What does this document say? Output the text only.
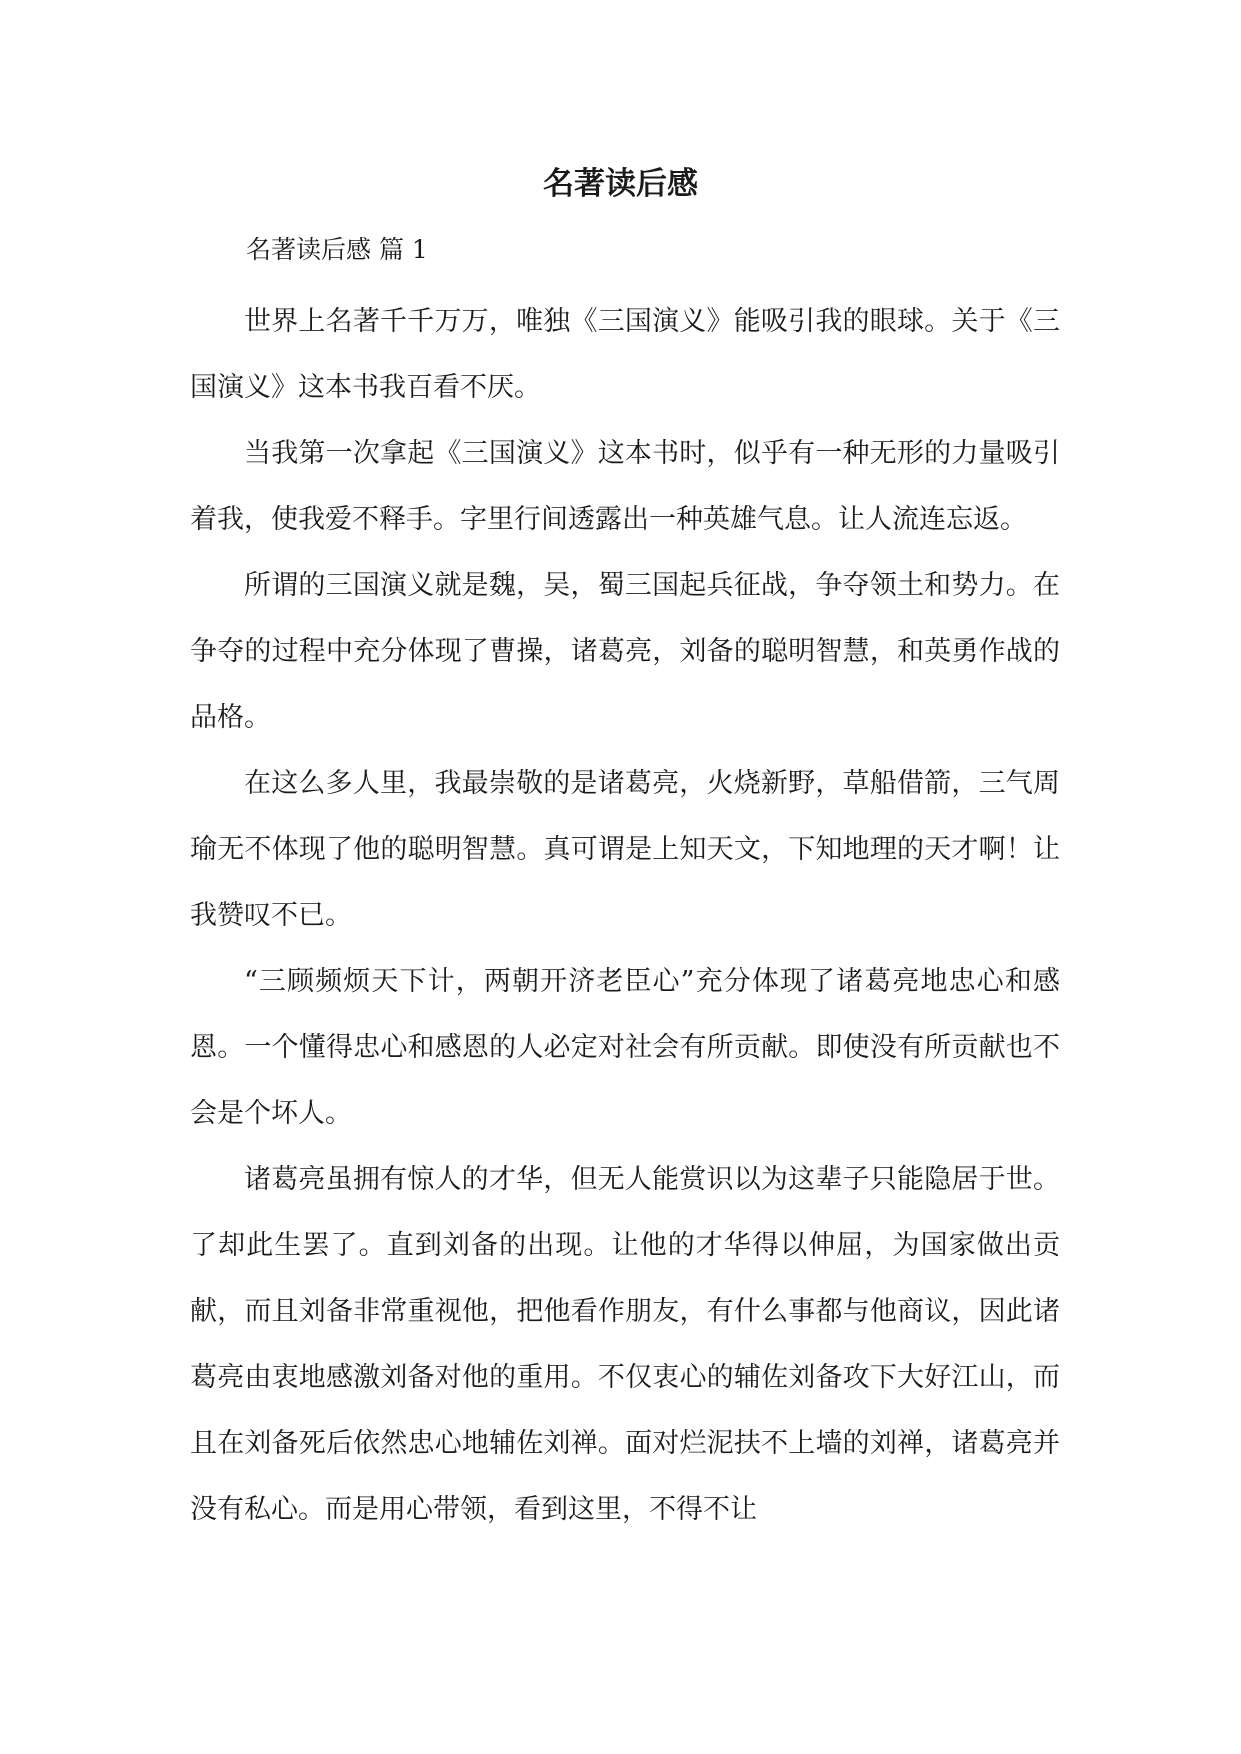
名著读后感
名著读后感 篇 1

世界上名著千千万万，唯独《三国演义》能吸引我的眼球。关于《三国演义》这本书我百看不厌。

当我第一次拿起《三国演义》这本书时，似乎有一种无形的力量吸引着我，使我爱不释手。字里行间透露出一种英雄气息。让人流连忘返。

所谓的三国演义就是魏，吴，蜀三国起兵征战，争夺领土和势力。在争夺的过程中充分体现了曹操，诸葛亮，刘备的聪明智慧，和英勇作战的品格。

在这么多人里，我最崇敬的是诸葛亮，火烧新野，草船借箭，三气周瑜无不体现了他的聪明智慧。真可谓是上知天文，下知地理的天才啊！让我赞叹不已。

“三顾频烦天下计，两朝开济老臣心”充分体现了诸葛亮地忠心和感恩。一个懂得忠心和感恩的人必定对社会有所贡献。即使没有所贡献也不会是个坏人。

诸葛亮虽拥有惊人的才华，但无人能赏识以为这辈子只能隐居于世。了却此生罢了。直到刘备的出现。让他的才华得以伸屈，为国家做出贡献，而且刘备非常重视他，把他看作朋友，有什么事都与他商议，因此诸葛亮由衷地感激刘备对他的重用。不仅衷心的辅佐刘备攻下大好江山，而且在刘备死后依然忠心地辅佐刘禅。面对烂泥扶不上墙的刘禅，诸葛亮并没有私心。而是用心带领，看到这里，不得不让
